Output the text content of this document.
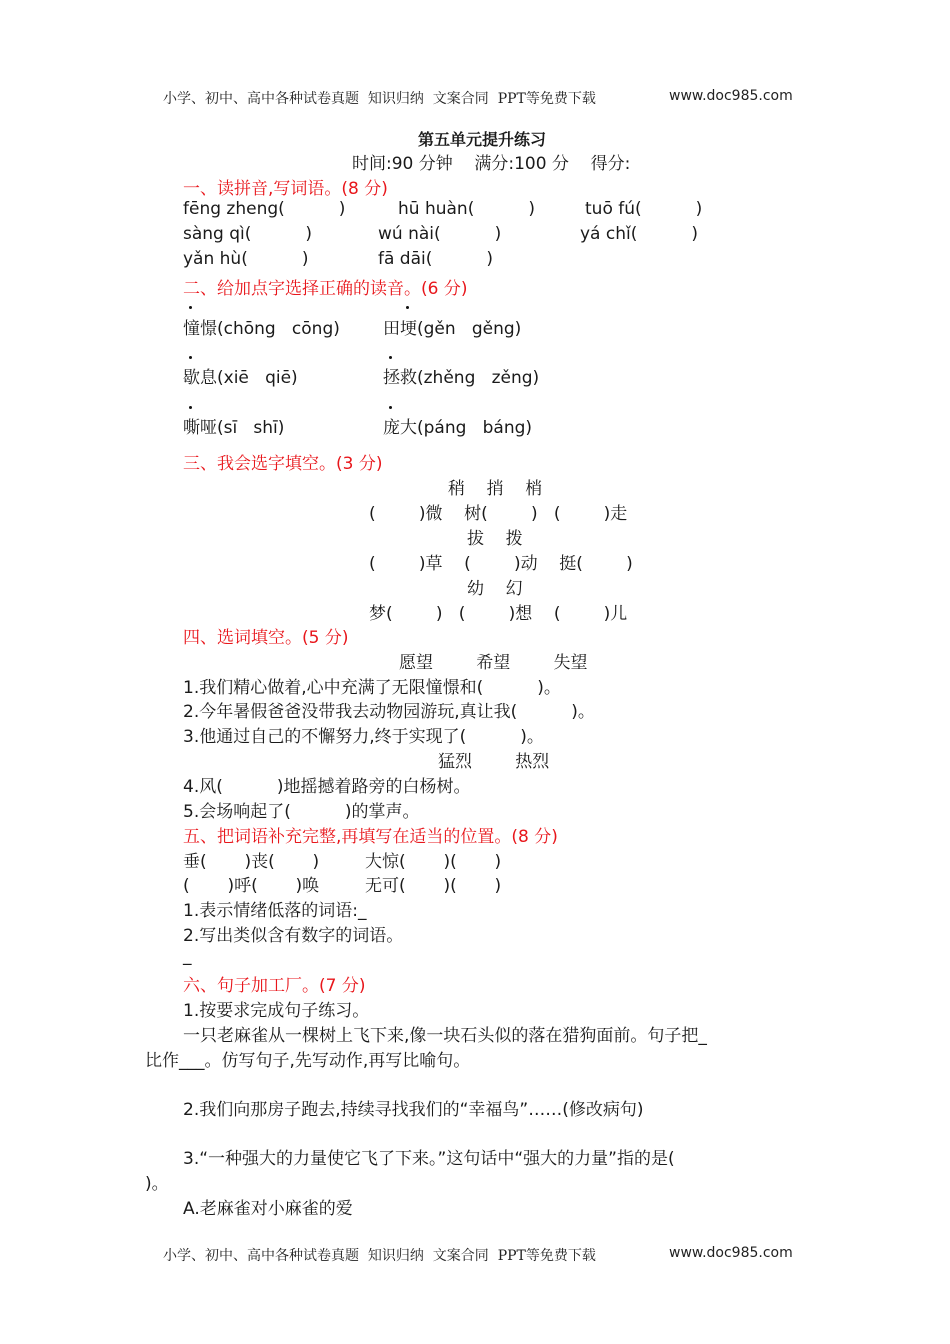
小学、初中、高中各种试卷真题  知识归纳  文案合同  PPT等免费下载	www.doc985.com
第五单元提升练习
时间:90 分钟    满分:100 分    得分:
一、读拼音,写词语。(8 分)
fēng zheng(          )	hū huàn(          )	tuō fú(          )
sàng qì(          )	wú nài(          )	yá chǐ(          )
yǎn hù(          )	fā dāi(          )
二、给加点字选择正确的读音。(6 分)
憧憬(chōng   cōng)	田埂(gěn   gěng)
歇息(xiē   qiē)	拯救(zhěng   zěng)
嘶哑(sī   shī)	庞大(páng   báng)
三、我会选字填空。(3 分)
稍    捎    梢
(        )微    树(        )   (        )走
拔    拨
(        )草    (        )动    挺(        )
幼    幻
梦(        )   (        )想    (        )儿
四、选词填空。(5 分)
愿望        希望        失望
1.我们精心做着,心中充满了无限憧憬和(          )。
2.今年暑假爸爸没带我去动物园游玩,真让我(          )。
3.他通过自己的不懈努力,终于实现了(          )。
猛烈        热烈
4.风(          )地摇撼着路旁的白杨树。
5.会场响起了(          )的掌声。
五、把词语补充完整,再填写在适当的位置。(8 分)
垂(       )丧(       )	大惊(       )(       )
(       )呼(       )唤	无可(       )(       )
1.表示情绪低落的词语:_
2.写出类似含有数字的词语。
_
六、句子加工厂。(7 分)
1.按要求完成句子练习。
一只老麻雀从一棵树上飞下来,像一块石头似的落在猎狗面前。句子把_
比作___。仿写句子,先写动作,再写比喻句。
2.我们向那房子跑去,持续寻找我们的“幸福鸟”……(修改病句)
3.“一种强大的力量使它飞了下来。”这句话中“强大的力量”指的是(
)。
A.老麻雀对小麻雀的爱
小学、初中、高中各种试卷真题  知识归纳  文案合同  PPT等免费下载	www.doc985.com
